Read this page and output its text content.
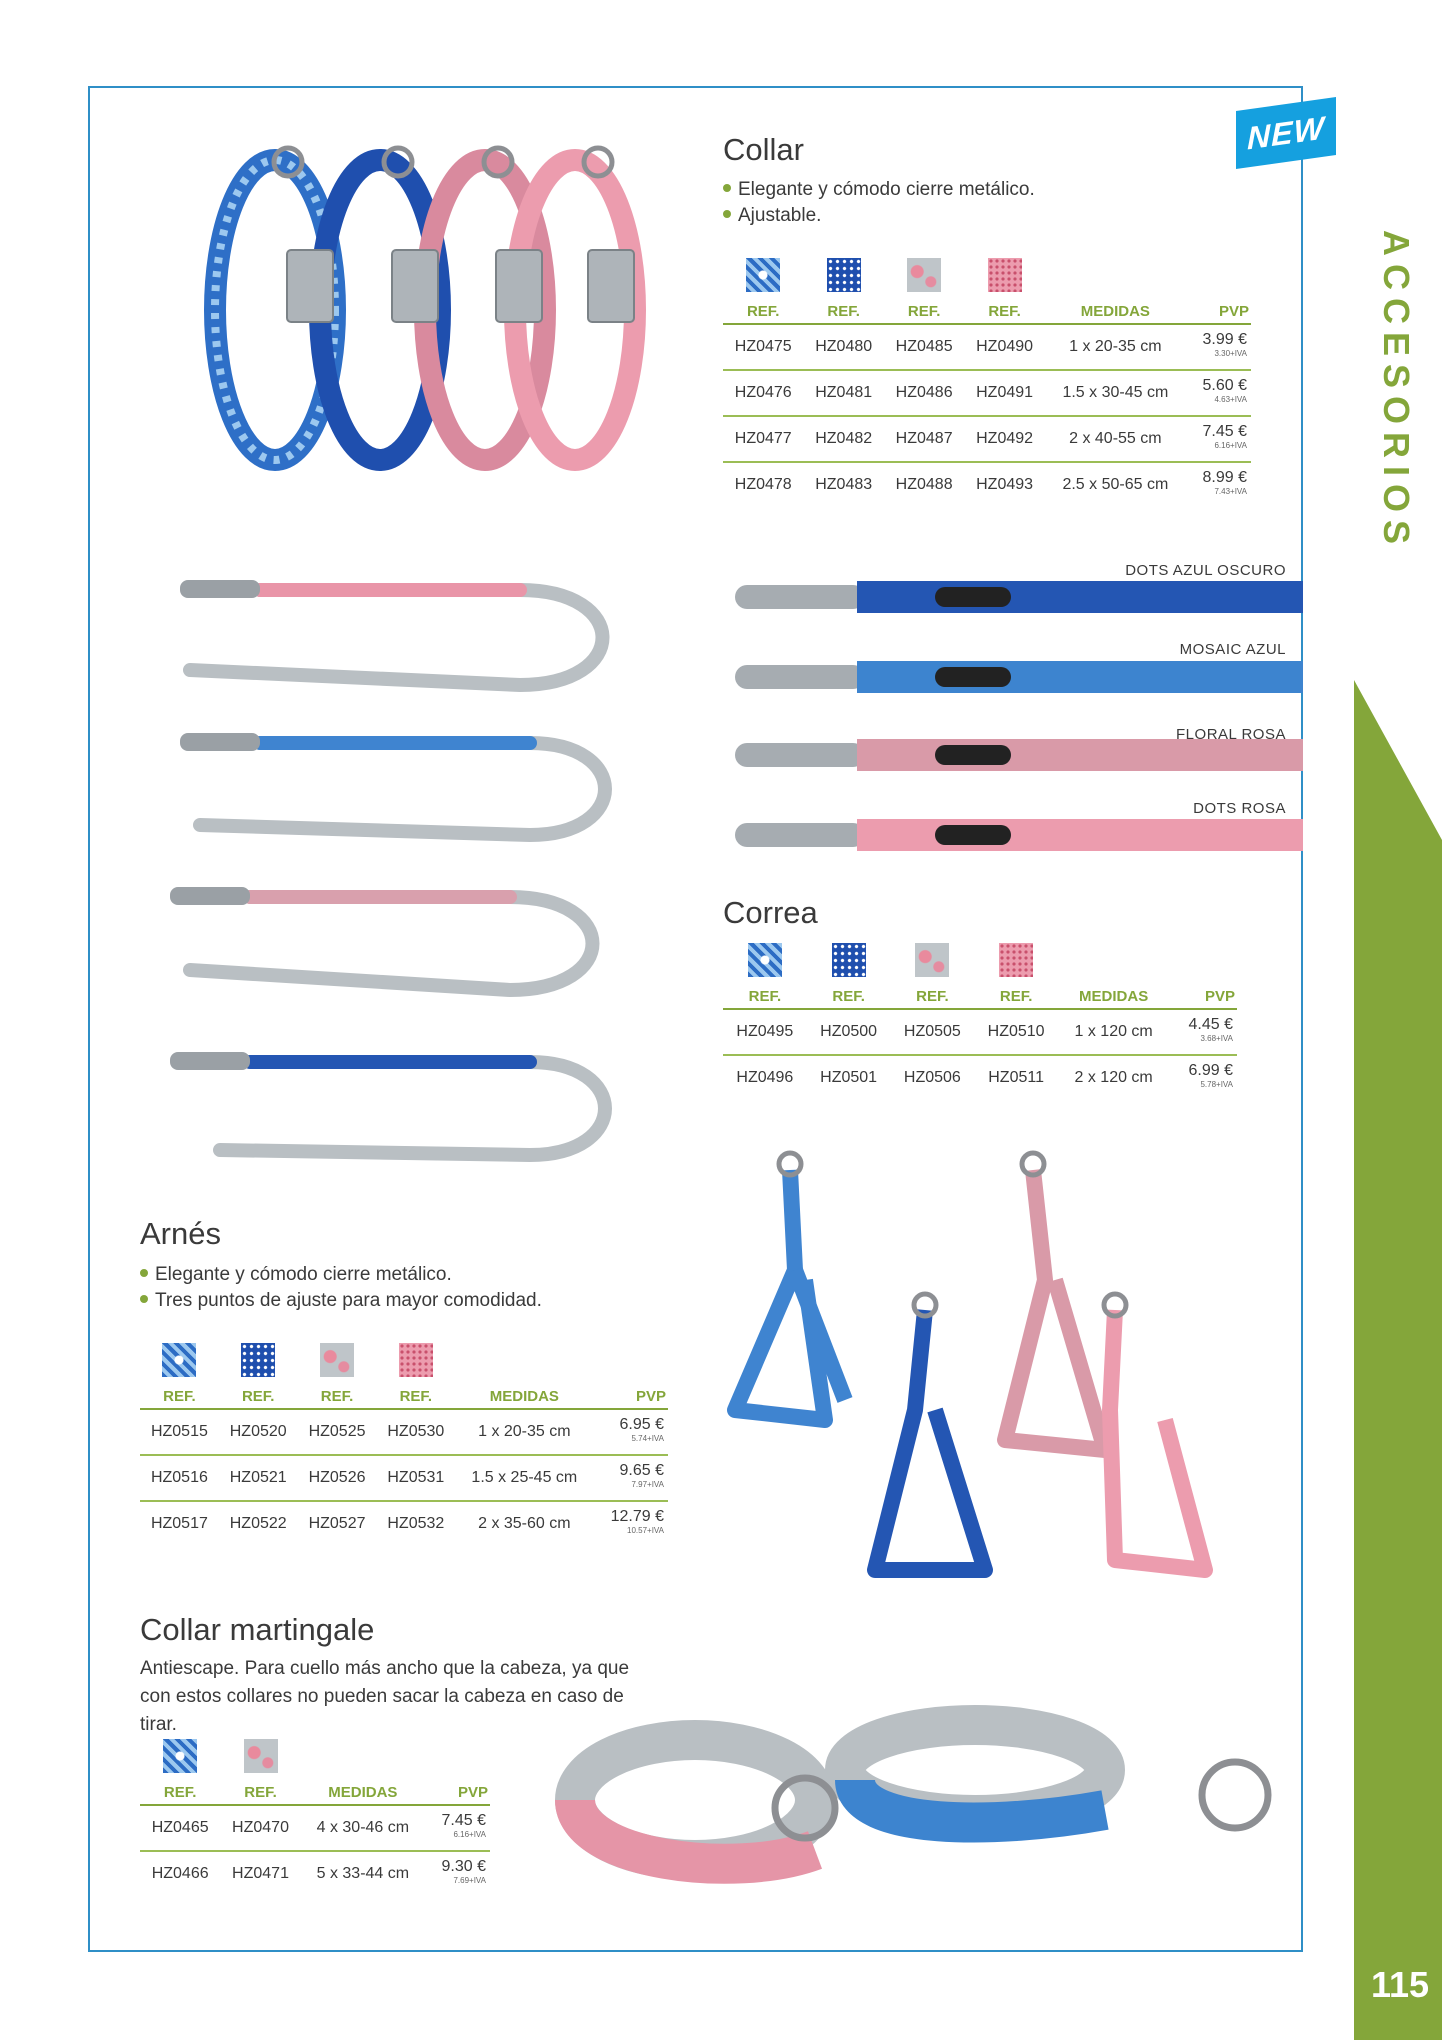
ACCESORIOS
115
NEW
Collar
Elegante y cómodo cierre metálico.
Ajustable.

REF.	REF.	REF.	REF.	MEDIDAS	PVP
HZ0475	HZ0480	HZ0485	HZ0490	1 x 20-35 cm	3.99 €
3.30+IVA

HZ0476	HZ0481	HZ0486	HZ0491	1.5 x 30-45 cm	5.60 €
4.63+IVA

HZ0477	HZ0482	HZ0487	HZ0492	2 x 40-55 cm	7.45 €
6.16+IVA

HZ0478	HZ0483	HZ0488	HZ0493	2.5 x 50-65 cm	8.99 €
7.43+IVA
DOTS AZUL OSCURO
MOSAIC AZUL
FLORAL ROSA
DOTS ROSA
Correa

REF.	REF.	REF.	REF.	MEDIDAS	PVP
HZ0495	HZ0500	HZ0505	HZ0510	1 x 120 cm	4.45 €
3.68+IVA

HZ0496	HZ0501	HZ0506	HZ0511	2 x 120 cm	6.99 €
5.78+IVA
Arnés
Elegante y cómodo cierre metálico.
Tres puntos de ajuste para mayor comodidad.

REF.	REF.	REF.	REF.	MEDIDAS	PVP
HZ0515	HZ0520	HZ0525	HZ0530	1 x 20-35 cm	6.95 €
5.74+IVA

HZ0516	HZ0521	HZ0526	HZ0531	1.5 x 25-45 cm	9.65 €
7.97+IVA

HZ0517	HZ0522	HZ0527	HZ0532	2 x 35-60 cm	12.79 €
10.57+IVA
Collar martingale
Antiescape. Para cuello más ancho que la cabeza, ya que con estos collares no pueden sacar la cabeza en caso de tirar.

REF.	REF.	MEDIDAS	PVP
HZ0465	HZ0470	4 x 30-46 cm	7.45 €
6.16+IVA

HZ0466	HZ0471	5 x 33-44 cm	9.30 €
7.69+IVA
